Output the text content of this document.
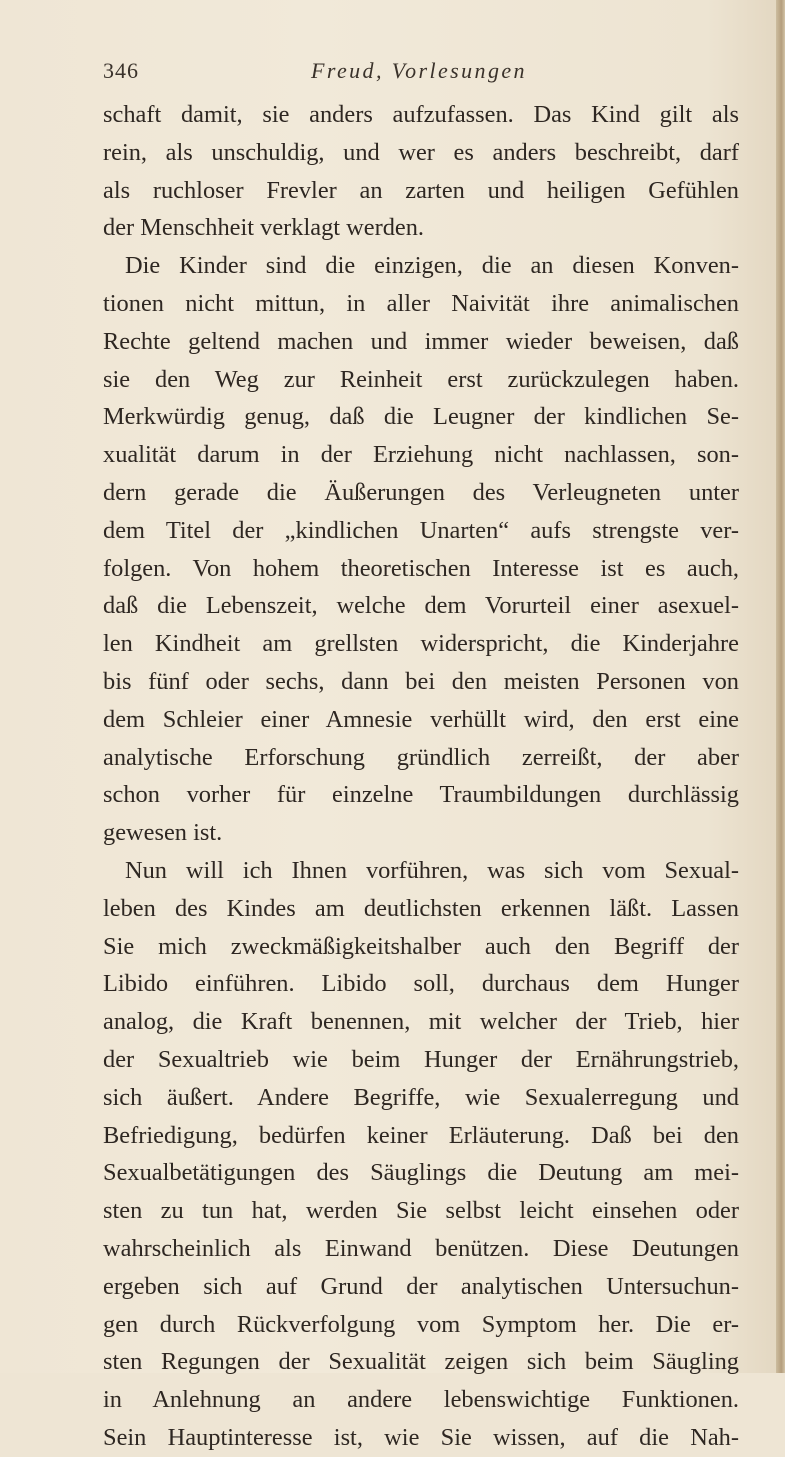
346	Freud, Vorlesungen
schaft damit, sie anders aufzufassen. Das Kind gilt als
rein, als unschuldig, und wer es anders beschreibt, darf
als ruchloser Frevler an zarten und heiligen Gefühlen
der Menschheit verklagt werden.
Die Kinder sind die einzigen, die an diesen Konven-
tionen nicht mittun, in aller Naivität ihre animalischen
Rechte geltend machen und immer wieder beweisen, daß
sie den Weg zur Reinheit erst zurückzulegen haben.
Merkwürdig genug, daß die Leugner der kindlichen Se-
xualität darum in der Erziehung nicht nachlassen, son-
dern gerade die Äußerungen des Verleugneten unter
dem Titel der „kindlichen Unarten“ aufs strengste ver-
folgen. Von hohem theoretischen Interesse ist es auch,
daß die Lebenszeit, welche dem Vorurteil einer asexuel-
len Kindheit am grellsten widerspricht, die Kinderjahre
bis fünf oder sechs, dann bei den meisten Personen von
dem Schleier einer Amnesie verhüllt wird, den erst eine
analytische Erforschung gründlich zerreißt, der aber
schon vorher für einzelne Traumbildungen durchlässig
gewesen ist.
Nun will ich Ihnen vorführen, was sich vom Sexual-
leben des Kindes am deutlichsten erkennen läßt. Lassen
Sie mich zweckmäßigkeitshalber auch den Begriff der
Libido einführen. Libido soll, durchaus dem Hunger
analog, die Kraft benennen, mit welcher der Trieb, hier
der Sexualtrieb wie beim Hunger der Ernährungstrieb,
sich äußert. Andere Begriffe, wie Sexualerregung und
Befriedigung, bedürfen keiner Erläuterung. Daß bei den
Sexualbetätigungen des Säuglings die Deutung am mei-
sten zu tun hat, werden Sie selbst leicht einsehen oder
wahrscheinlich als Einwand benützen. Diese Deutungen
ergeben sich auf Grund der analytischen Untersuchun-
gen durch Rückverfolgung vom Symptom her. Die er-
sten Regungen der Sexualität zeigen sich beim Säugling
in Anlehnung an andere lebenswichtige Funktionen.
Sein Hauptinteresse ist, wie Sie wissen, auf die Nah-
